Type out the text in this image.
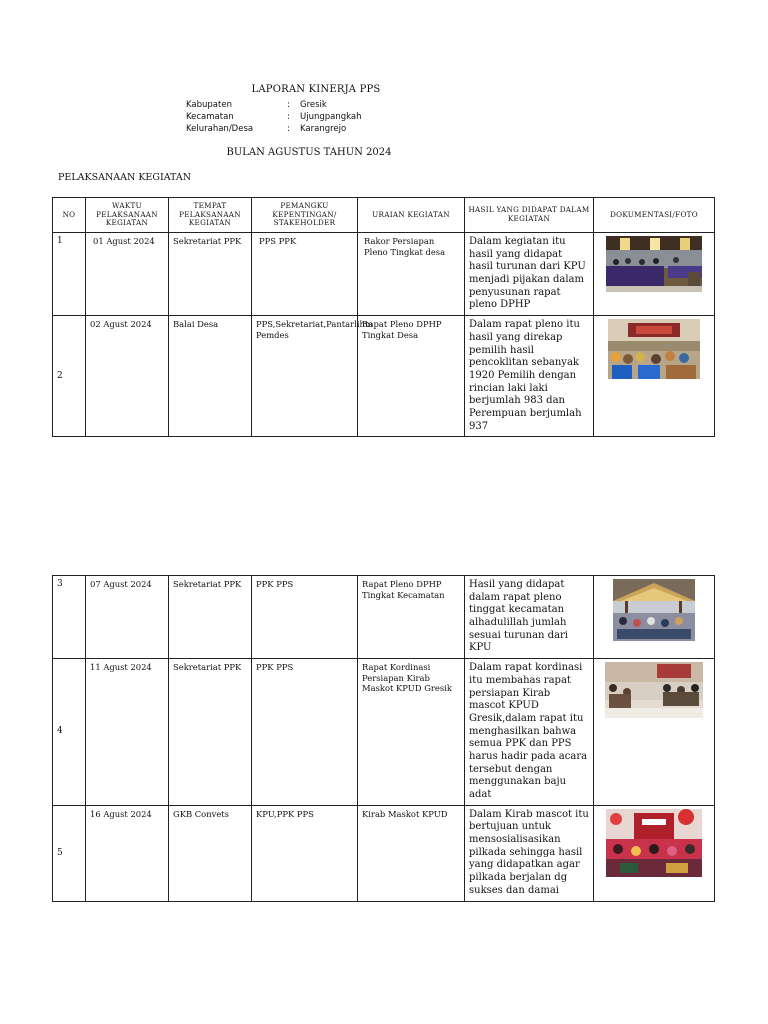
LAPORAN KINERJA PPS
Kabupaten	: Gresik
Kecamatan	: Ujungpangkah
Kelurahan/Desa	: Karangrejo
BULAN AGUSTUS TAHUN 2024
PELAKSANAAN KEGIATAN
NO	WAKTU PELAKSANAAN KEGIATAN	TEMPAT PELAKSANAAN KEGIATAN	PEMANGKU KEPENTINGAN/ STAKEHOLDER	URAIAN KEGIATAN	HASIL YANG DIDAPAT DALAM KEGIATAN	DOKUMENTASI/FOTO
1	01 Agust 2024	Sekretariat PPK	PPS PPK	Rakor Persiapan Pleno Tingkat desa	Dalam kegiatan itu hasil yang didapat hasil turunan dari KPU menjadi pijakan dalam penyusunan rapat pleno DPHP	
2	02 Agust 2024	Balai Desa	PPS,Sekretariat,Pantarlihm Pemdes	Rapat Pleno DPHP Tingkat Desa	Dalam rapat pleno itu hasil yang direkap pemilih hasil pencoklitan sebanyak 1920 Pemilih dengan rincian laki laki berjumlah 983 dan Perempuan berjumlah 937	
3	07 Agust 2024	Sekretariat PPK	PPK PPS	Rapat Pleno DPHP Tingkat Kecamatan	Hasil yang didapat dalam rapat pleno tinggat kecamatan alhadulillah jumlah sesuai turunan dari KPU	
4	11 Agust 2024	Sekretariat PPK	PPK PPS	Rapat Kordinasi Persiapan Kirab Maskot KPUD Gresik	Dalam rapat kordinasi itu membahas rapat persiapan Kirab mascot KPUD Gresik,dalam rapat itu menghasilkan bahwa semua PPK dan PPS harus hadir pada acara tersebut dengan menggunakan baju adat	
5	16 Agust 2024	GKB Convets	KPU,PPK PPS	Kirab Maskot KPUD	Dalam Kirab mascot itu bertujuan untuk mensosialisasikan pilkada sehingga hasil yang didapatkan agar pilkada berjalan dg sukses dan damai	
